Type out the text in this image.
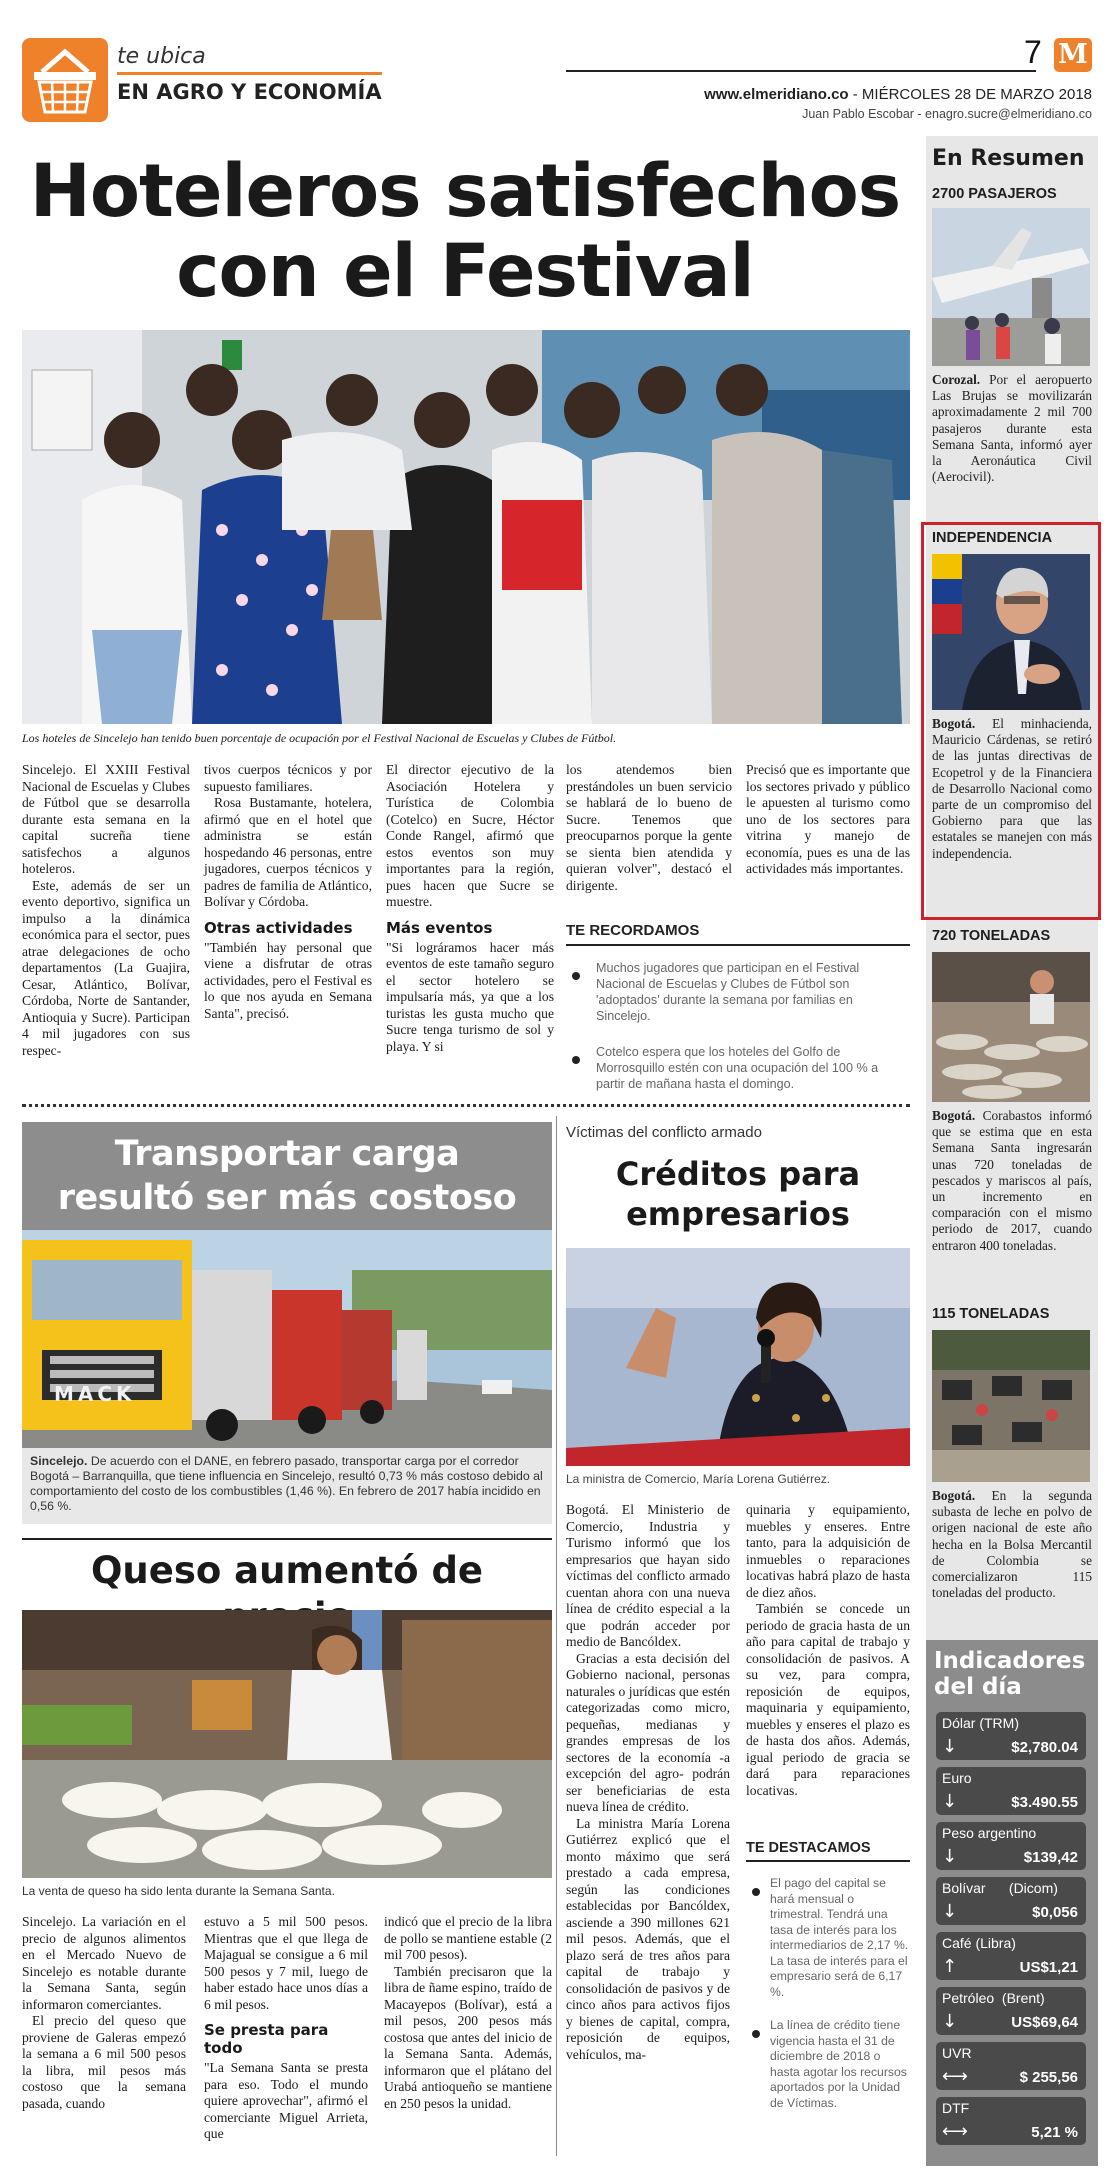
te ubica
EN AGRO Y ECONOMÍA
7 M
www.elmeridiano.co - MIÉRCOLES 28 DE MARZO 2018
Juan Pablo Escobar - enagro.sucre@elmeridiano.co
Hoteleros satisfechos
con el Festival
Los hoteles de Sincelejo han tenido buen porcentaje de ocupación por el Festival Nacional de Escuelas y Clubes de Fútbol.

Sincelejo. El XXIII Festival Nacional de Escuelas y Clubes de Fútbol que se desarrolla durante esta semana en la capital sucreña tiene satisfechos a algunos hoteleros.

Este, además de ser un evento deportivo, significa un impulso a la dinámica económica para el sector, pues atrae delegaciones de ocho departamentos (La Guajira, Cesar, Atlántico, Bolívar, Córdoba, Norte de Santander, Antioquia y Sucre). Participan 4 mil jugadores con sus respec-

tivos cuerpos técnicos y por supuesto familiares.

Rosa Bustamante, hotelera, afirmó que en el hotel que administra se están hospedando 46 personas, entre jugadores, cuerpos técnicos y padres de familia de Atlántico, Bolívar y Córdoba.

Otras actividades

"También hay personal que viene a disfrutar de otras actividades, pero el Festival es lo que nos ayuda en Semana Santa", precisó.

El director ejecutivo de la Asociación Hotelera y Turística de Colombia (Cotelco) en Sucre, Héctor Conde Rangel, afirmó que estos eventos son muy importantes para la región, pues hacen que Sucre se muestre.

Más eventos

"Si lográramos hacer más eventos de este tamaño seguro el sector hotelero se impulsaría más, ya que a los turistas les gusta mucho que Sucre tenga turismo de sol y playa. Y si

los atendemos bien prestándoles un buen servicio se hablará de lo bueno de Sucre. Tenemos que preocuparnos porque la gente se sienta bien atendida y quieran volver", destacó el dirigente.

Precisó que es importante que los sectores privado y público le apuesten al turismo como uno de los sectores para vitrina y manejo de economía, pues es una de las actividades más importantes.

TE RECORDAMOS
Muchos jugadores que participan en el Festival Nacional de Escuelas y Clubes de Fútbol son 'adoptados' durante la semana por familias en Sincelejo.
Cotelco espera que los hoteles del Golfo de Morrosquillo estén con una ocupación del 100 % a partir de mañana hasta el domingo.
Transportar carga
resultó ser más costoso
MACK
Sincelejo. De acuerdo con el DANE, en febrero pasado, transportar carga por el corredor Bogotá – Barranquilla, que tiene influencia en Sincelejo, resultó 0,73 % más costoso debido al comportamiento del costo de los combustibles (1,46 %). En febrero de 2017 había incidido en 0,56 %.
Queso aumentó de
La venta de queso ha sido lenta durante la Semana Santa.

Sincelejo. La variación en el precio de algunos alimentos en el Mercado Nuevo de Sincelejo es notable durante la Semana Santa, según informaron comerciantes.

El precio del queso que proviene de Galeras empezó la semana a 6 mil 500 pesos la libra, mil pesos más costoso que la semana pasada, cuando

estuvo a 5 mil 500 pesos. Mientras que el que llega de Majagual se consigue a 6 mil 500 pesos y 7 mil, luego de haber estado hace unos días a 6 mil pesos.

Se presta para todo

"La Semana Santa se presta para eso. Todo el mundo quiere aprovechar", afirmó el comerciante Miguel Arrieta, que

indicó que el precio de la libra de pollo se mantiene estable (2 mil 700 pesos).

También precisaron que la libra de ñame espino, traído de Macayepos (Bolívar), está a mil pesos, 200 pesos más costosa que antes del inicio de la Semana Santa. Además, informaron que el plátano del Urabá antioqueño se mantiene en 250 pesos la unidad.

Víctimas del conflicto armado
Créditos para
empresarios
La ministra de Comercio, María Lorena Gutiérrez.

Bogotá. El Ministerio de Comercio, Industria y Turismo informó que los empresarios que hayan sido víctimas del conflicto armado cuentan ahora con una nueva línea de crédito especial a la que podrán acceder por medio de Bancóldex.

Gracias a esta decisión del Gobierno nacional, personas naturales o jurídicas que estén categorizadas como micro, pequeñas, medianas y grandes empresas de los sectores de la economía -a excepción del agro- podrán ser beneficiarias de esta nueva línea de crédito.

La ministra María Lorena Gutiérrez explicó que el monto máximo que será prestado a cada empresa, según las condiciones establecidas por Bancóldex, asciende a 390 millones 621 mil pesos. Además, que el plazo será de tres años para capital de trabajo y consolidación de pasivos y de cinco años para activos fijos y bienes de capital, compra, reposición de equipos, vehículos, ma-

quinaria y equipamiento, muebles y enseres. Entre tanto, para la adquisición de inmuebles o reparaciones locativas habrá plazo de hasta de diez años.

También se concede un periodo de gracia hasta de un año para capital de trabajo y consolidación de pasivos. A su vez, para compra, reposición de equipos, maquinaria y equipamiento, muebles y enseres el plazo es de hasta dos años. Además, igual periodo de gracia se dará para reparaciones locativas.

TE DESTACAMOS
El pago del capital se hará mensual o trimestral. Tendrá una tasa de interés para los intermediarios de 2,17 %. La tasa de interés para el empresario será de 6,17 %.
La línea de crédito tiene vigencia hasta el 31 de diciembre de 2018 o hasta agotar los recursos aportados por la Unidad de Víctimas.
En Resumen
2700 PASAJEROS
Corozal. Por el aeropuerto Las Brujas se movilizarán aproximadamente 2 mil 700 pasajeros durante esta Semana Santa, informó ayer la Aeronáutica Civil (Aerocivil).
INDEPENDENCIA
Bogotá. El minhacienda, Mauricio Cárdenas, se retiró de las juntas directivas de Ecopetrol y de la Financiera de Desarrollo Nacional como parte de un compromiso del Gobierno para que las estatales se manejen con más independencia.
720 TONELADAS
Bogotá. Corabastos informó que se estima que en esta Semana Santa ingresarán unas 720 toneladas de pescados y mariscos al país, un incremento en comparación con el mismo periodo de 2017, cuando entraron 400 toneladas.
115 TONELADAS
Bogotá. En la segunda subasta de leche en polvo de origen nacional de este año hecha en la Bolsa Mercantil de Colombia se comercializaron 115 toneladas del producto.
Indicadores
del día
Dólar (TRM)
↓	$2,780.04
Euro
↓	$3.490.55
Peso argentino
↓	$139,42
Bolívar      (Dicom)
↓	$0,056
Café (Libra)
↑	US$1,21
Petróleo  (Brent)
↓	US$69,64
UVR
⟷	$ 255,56
DTF
⟷	5,21 %
